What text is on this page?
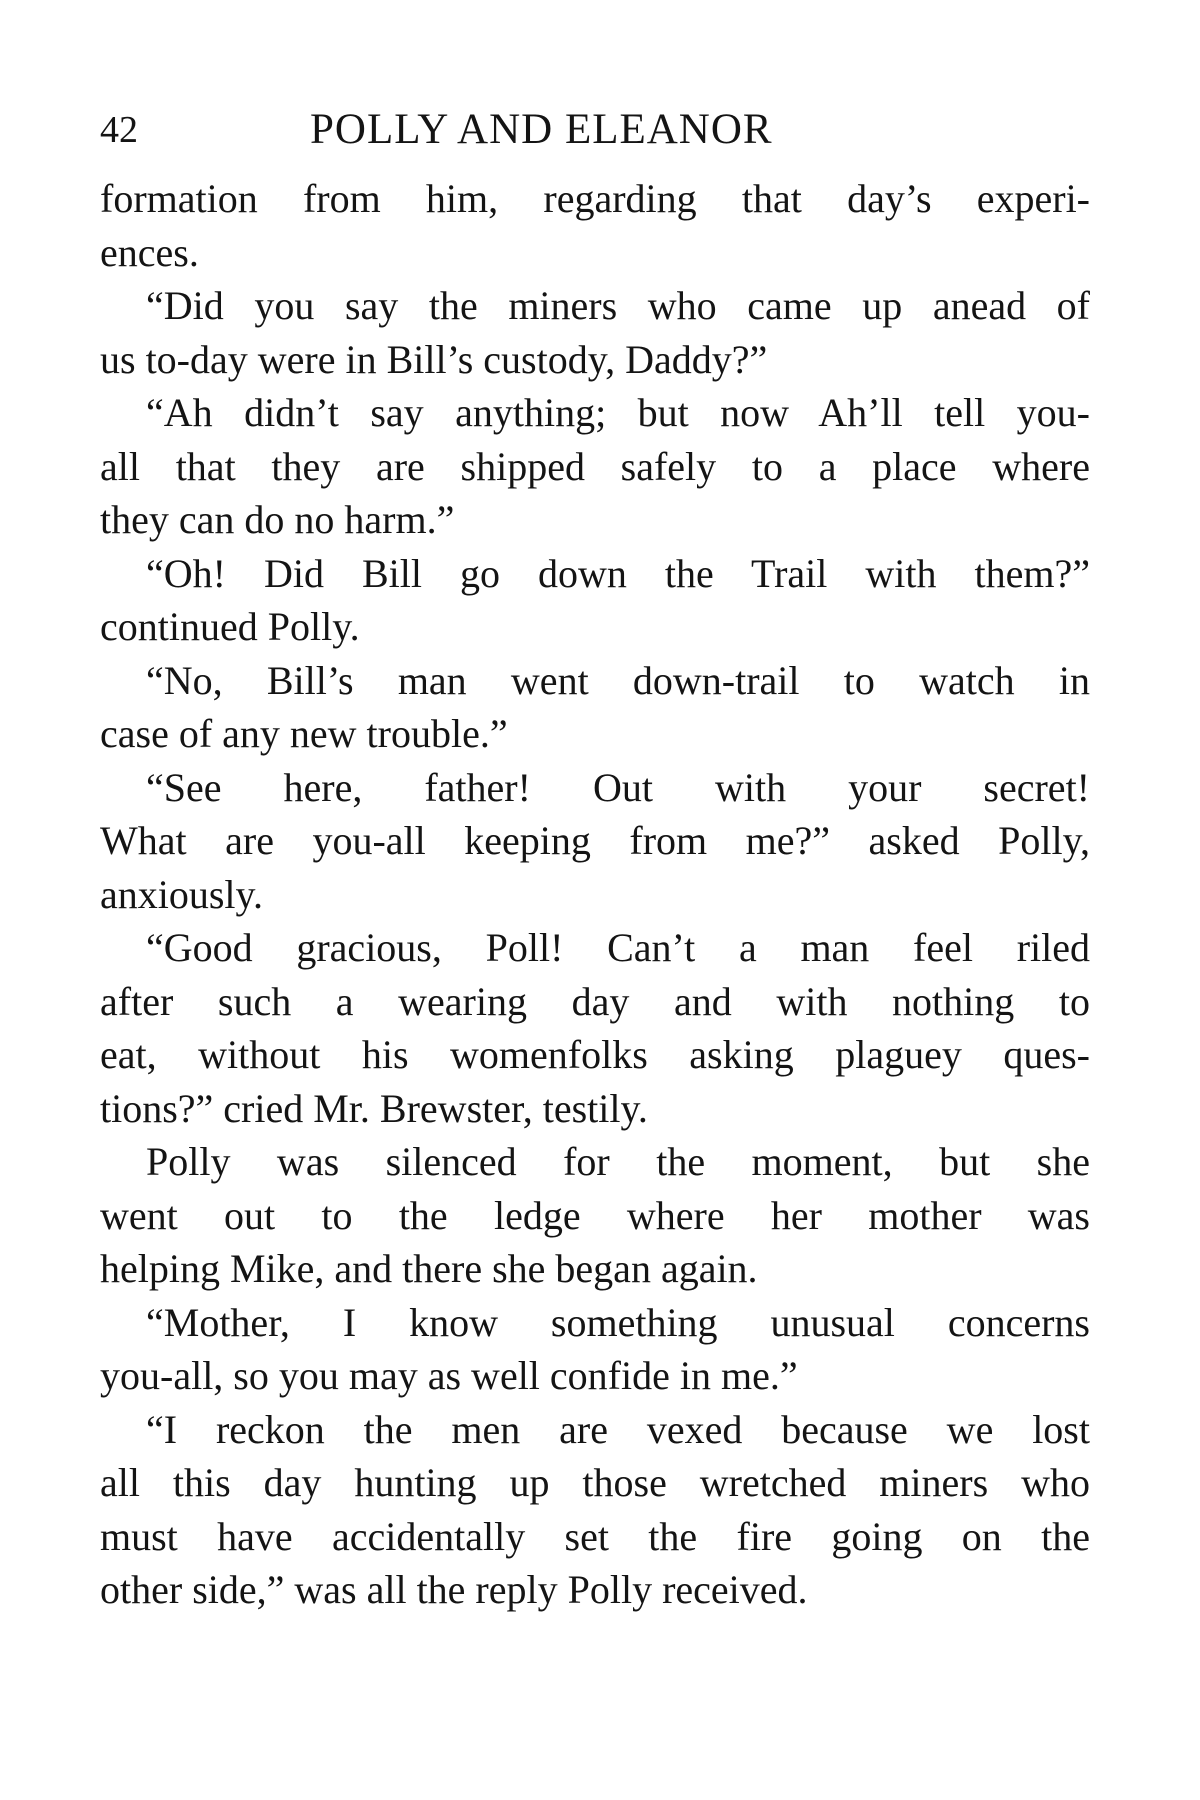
42	POLLY AND ELEANOR
formation from him, regarding that day’s experi-
ences.
“Did you say the miners who came up anead of
us to-day were in Bill’s custody, Daddy?”
“Ah didn’t say anything; but now Ah’ll tell you-
all that they are shipped safely to a place where
they can do no harm.”
“Oh! Did Bill go down the Trail with them?”
continued Polly.
“No, Bill’s man went down-trail to watch in
case of any new trouble.”
“See here, father! Out with your secret!
What are you-all keeping from me?” asked Polly,
anxiously.
“Good gracious, Poll! Can’t a man feel riled
after such a wearing day and with nothing to
eat, without his womenfolks asking plaguey ques-
tions?” cried Mr. Brewster, testily.
Polly was silenced for the moment, but she
went out to the ledge where her mother was
helping Mike, and there she began again.
“Mother, I know something unusual concerns
you-all, so you may as well confide in me.”
“I reckon the men are vexed because we lost
all this day hunting up those wretched miners who
must have accidentally set the fire going on the
other side,” was all the reply Polly received.
